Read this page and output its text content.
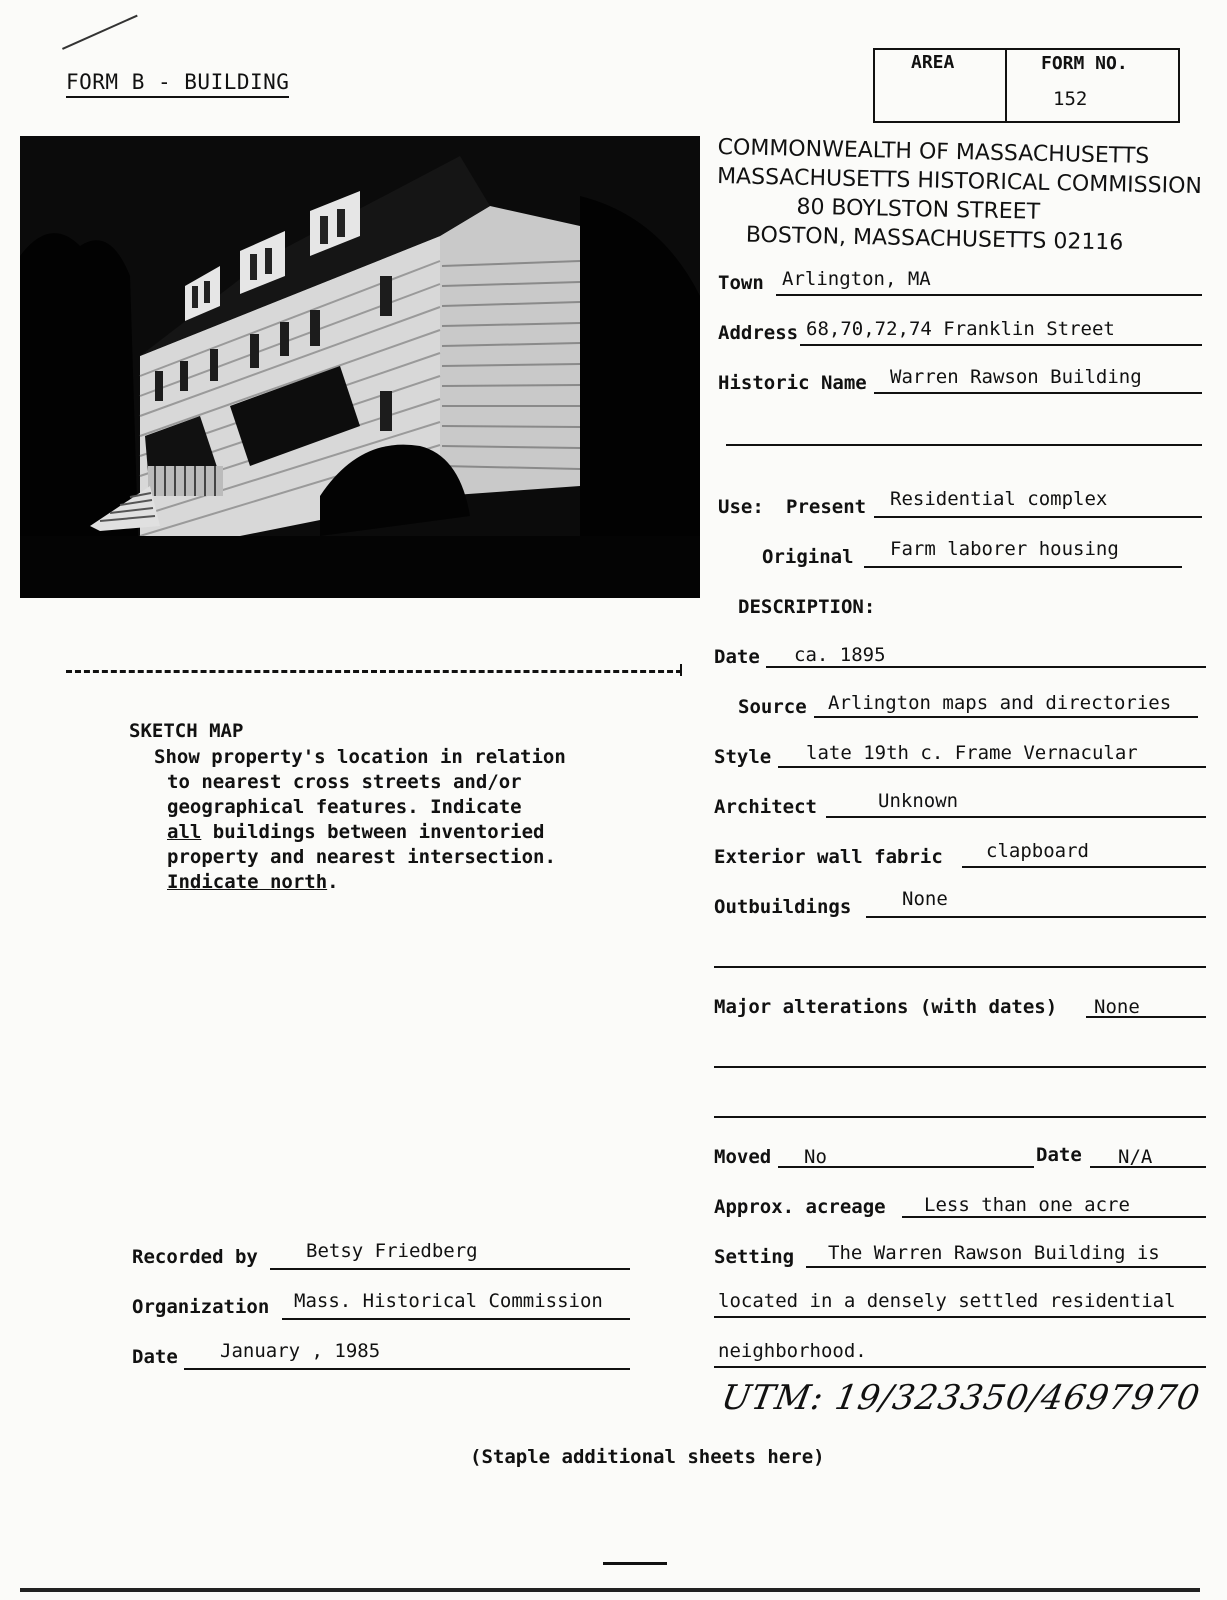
FORM B - BUILDING
AREA	FORM NO.
152
COMMONWEALTH OF MASSACHUSETTS
MASSACHUSETTS HISTORICAL COMMISSION
80 BOYLSTON STREET
BOSTON, MASSACHUSETTS 02116
Town Arlington, MA
Address 68,70,72,74 Franklin Street
Historic Name Warren Rawson Building
Use: Present Residential complex
Original Farm laborer housing
DESCRIPTION:
Date ca. 1895
Source Arlington maps and directories
Style late 19th c. Frame Vernacular
Architect	Unknown
Exterior wall fabric clapboard
Outbuildings	None
Major alterations (with dates) None
Moved No	Date N/A
Approx. acreage Less than one acre
Setting The Warren Rawson Building is
located in a densely settled residential
neighborhood.
UTM: 19/323350/4697970
SKETCH MAP
Show property's location in relation
to nearest cross streets and/or
geographical features. Indicate
all buildings between inventoried
property and nearest intersection.
Indicate north.
Recorded by	Betsy Friedberg
Organization Mass. Historical Commission
Date January , 1985
(Staple additional sheets here)
